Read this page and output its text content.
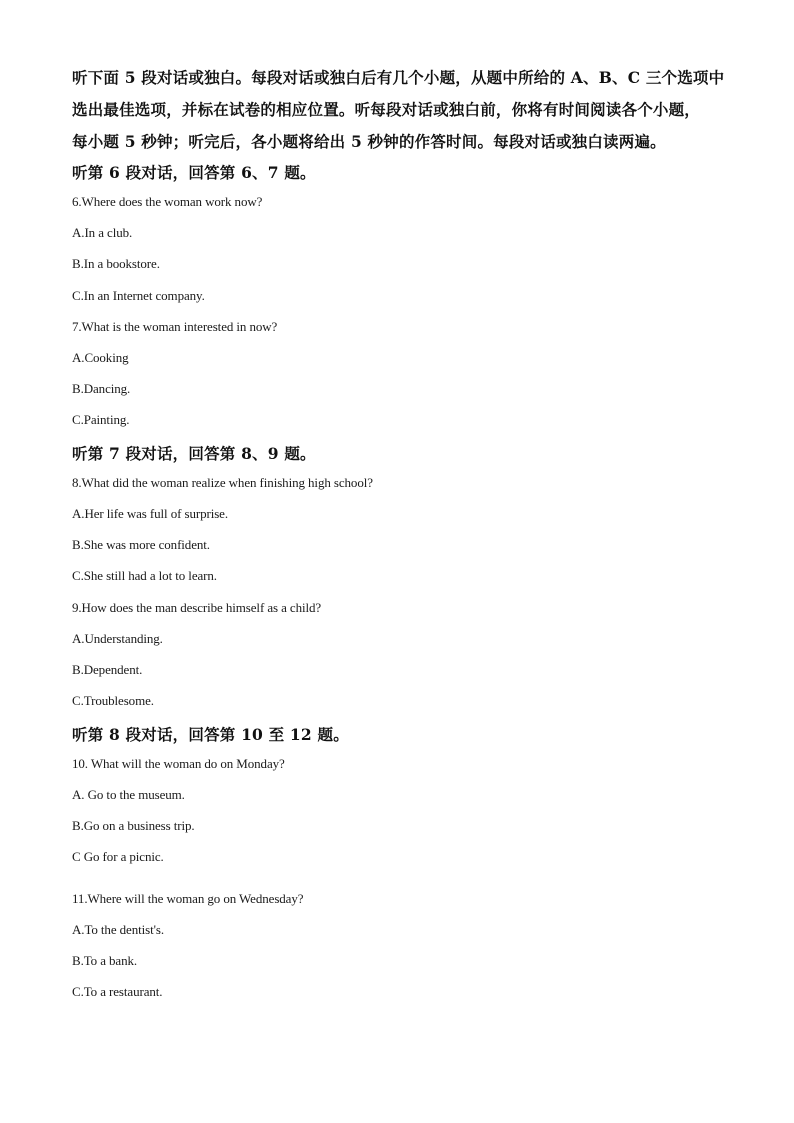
听下面 5 段对话或独白。每段对话或独白后有几个小题，从题中所给的 A、B、C 三个选项中
选出最佳选项，并标在试卷的相应位置。听每段对话或独白前，你将有时间阅读各个小题，
每小题 5 秒钟；听完后，各小题将给出 5 秒钟的作答时间。每段对话或独白读两遍。
听第 6 段对话，回答第 6、7 题。
6.Where does the woman work now?
A.In a club.
B.In a bookstore.
C.In an Internet company.
7.What is the woman interested in now?
A.Cooking
B.Dancing.
C.Painting.
听第 7 段对话，回答第 8、9 题。
8.What did the woman realize when finishing high school?
A.Her life was full of surprise.
B.She was more confident.
C.She still had a lot to learn.
9.How does the man describe himself as a child?
A.Understanding.
B.Dependent.
C.Troublesome.
听第 8 段对话，回答第 10 至 12 题。
10. What will the woman do on Monday?
A. Go to the museum.
B.Go on a business trip.
C Go for a picnic.
11.Where will the woman go on Wednesday?
A.To the dentist's.
B.To a bank.
C.To a restaurant.
